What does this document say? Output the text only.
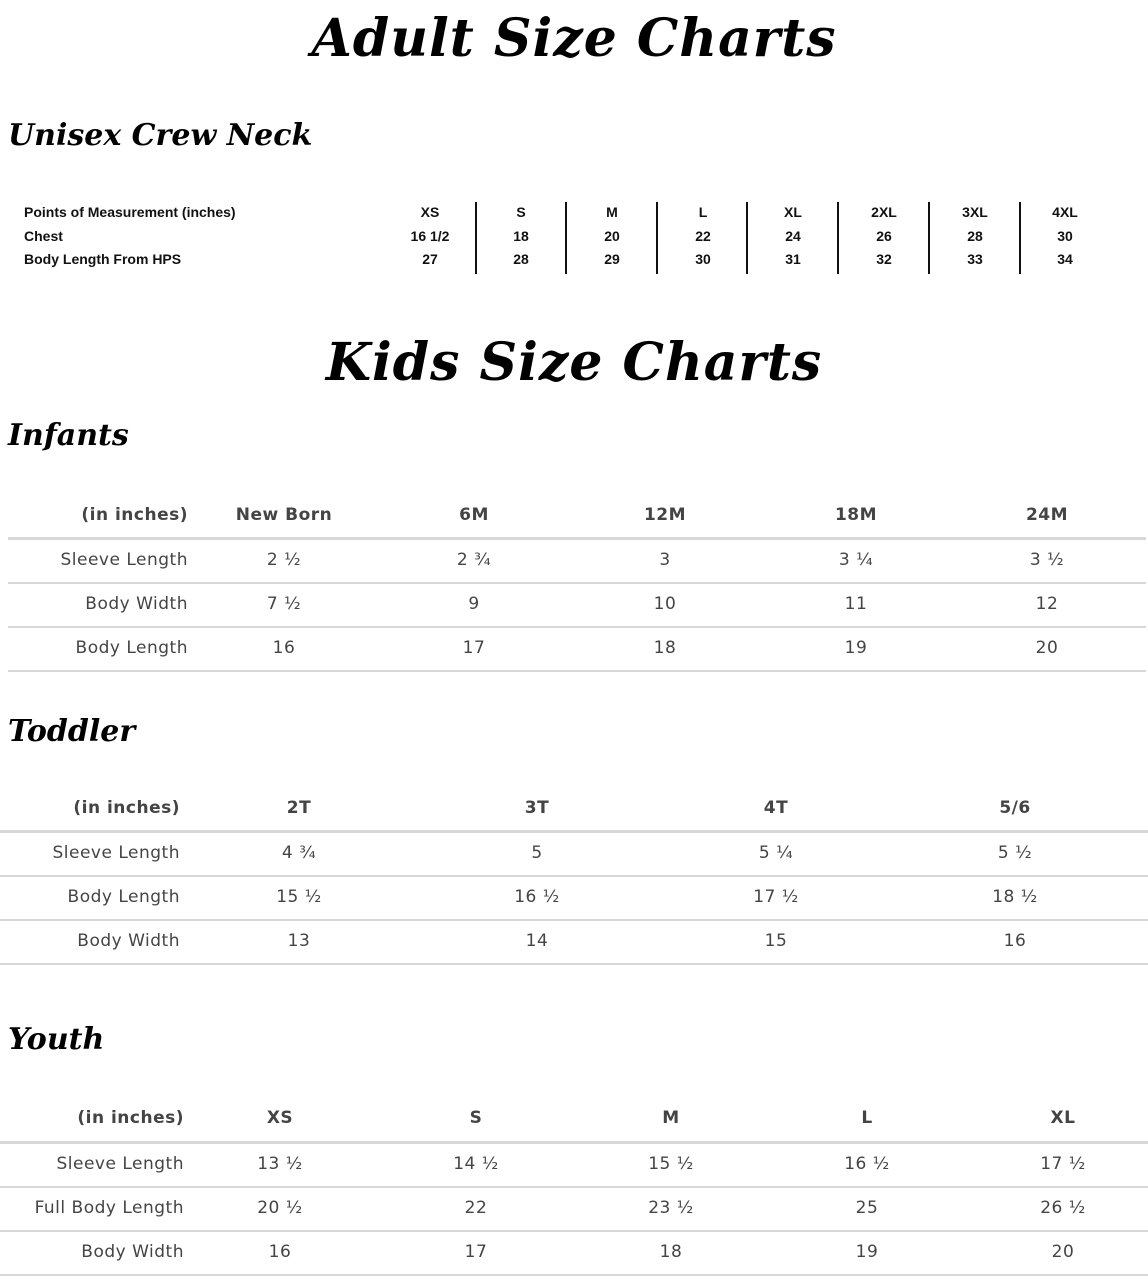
Adult Size Charts
Unisex Crew Neck
Points of Measurement (inches)	XS	S	M	L	XL	2XL	3XL	4XL
Chest	16 1/2	18	20	22	24	26	28	30
Body Length From HPS	27	28	29	30	31	32	33	34
Kids Size Charts
Infants
(in inches)	New Born	6M	12M	18M	24M
Sleeve Length	2 ½	2 ¾	3	3 ¼	3 ½
Body Width	7 ½	9	10	11	12
Body Length	16	17	18	19	20
Toddler
(in inches)	2T	3T	4T	5/6
Sleeve Length	4 ¾	5	5 ¼	5 ½
Body Length	15 ½	16 ½	17 ½	18 ½
Body Width	13	14	15	16
Youth
(in inches)	XS	S	M	L	XL
Sleeve Length	13 ½	14 ½	15 ½	16 ½	17 ½
Full Body Length	20 ½	22	23 ½	25	26 ½
Body Width	16	17	18	19	20
